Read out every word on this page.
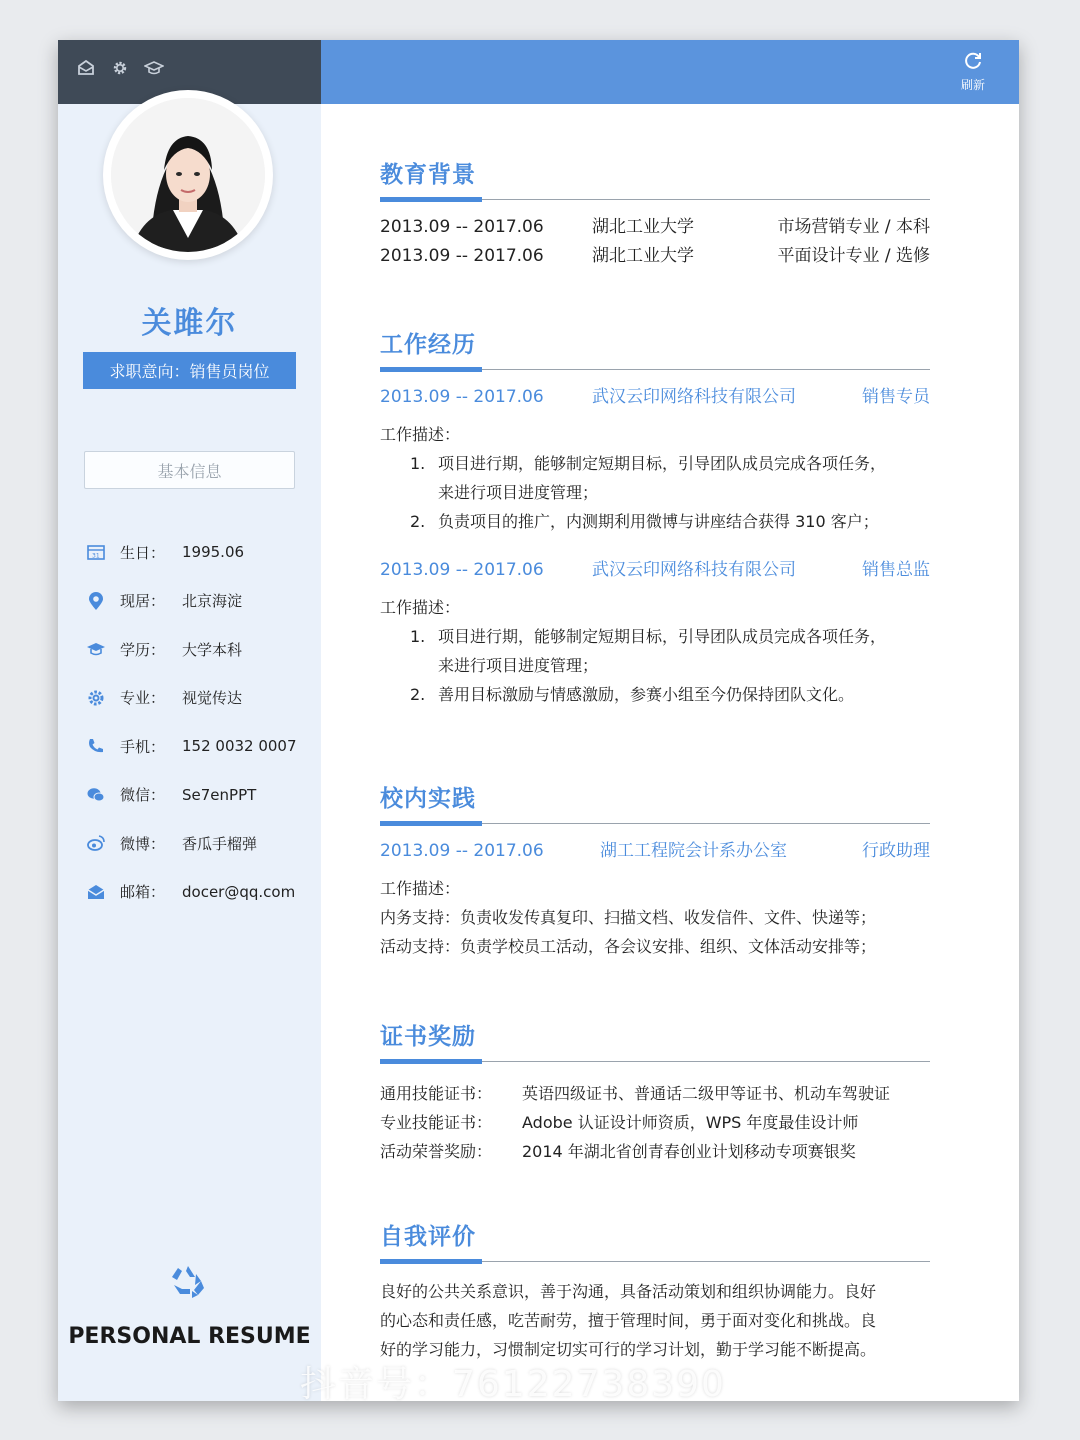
关雎尔
求职意向：销售员岗位
基本信息
31 生日：	1995.06
现居：	北京海淀
学历：	大学本科
专业：	视觉传达
手机：	152 0032 0007
微信：	Se7enPPT
微博：	香瓜手榴弹
邮箱：	docer@qq.com
PERSONAL RESUME
刷新
教育背景
2013.09 -- 2017.06	湖北工业大学	市场营销专业 / 本科
2013.09 -- 2017.06	湖北工业大学	平面设计专业 / 选修
工作经历
2013.09 -- 2017.06	武汉云印网络科技有限公司	销售专员
工作描述：
1. 项目进行期，能够制定短期目标，引导团队成员完成各项任务，
来进行项目进度管理；
2. 负责项目的推广，内测期利用微博与讲座结合获得 310 客户；
2013.09 -- 2017.06	武汉云印网络科技有限公司	销售总监
工作描述：
1. 项目进行期，能够制定短期目标，引导团队成员完成各项任务，
来进行项目进度管理；
2. 善用目标激励与情感激励，参赛小组至今仍保持团队文化。
校内实践
2013.09 -- 2017.06	湖工工程院会计系办公室	行政助理
工作描述：
内务支持：负责收发传真复印、扫描文档、收发信件、文件、快递等；
活动支持：负责学校员工活动，各会议安排、组织、文体活动安排等；
证书奖励
通用技能证书：	英语四级证书、普通话二级甲等证书、机动车驾驶证
专业技能证书：	Adobe 认证设计师资质，WPS 年度最佳设计师
活动荣誉奖励：	2014 年湖北省创青春创业计划移动专项赛银奖
自我评价
良好的公共关系意识，善于沟通，具备活动策划和组织协调能力。良好
的心态和责任感，吃苦耐劳，擅于管理时间，勇于面对变化和挑战。良
好的学习能力，习惯制定切实可行的学习计划，勤于学习能不断提高。
抖音号：76122738390
